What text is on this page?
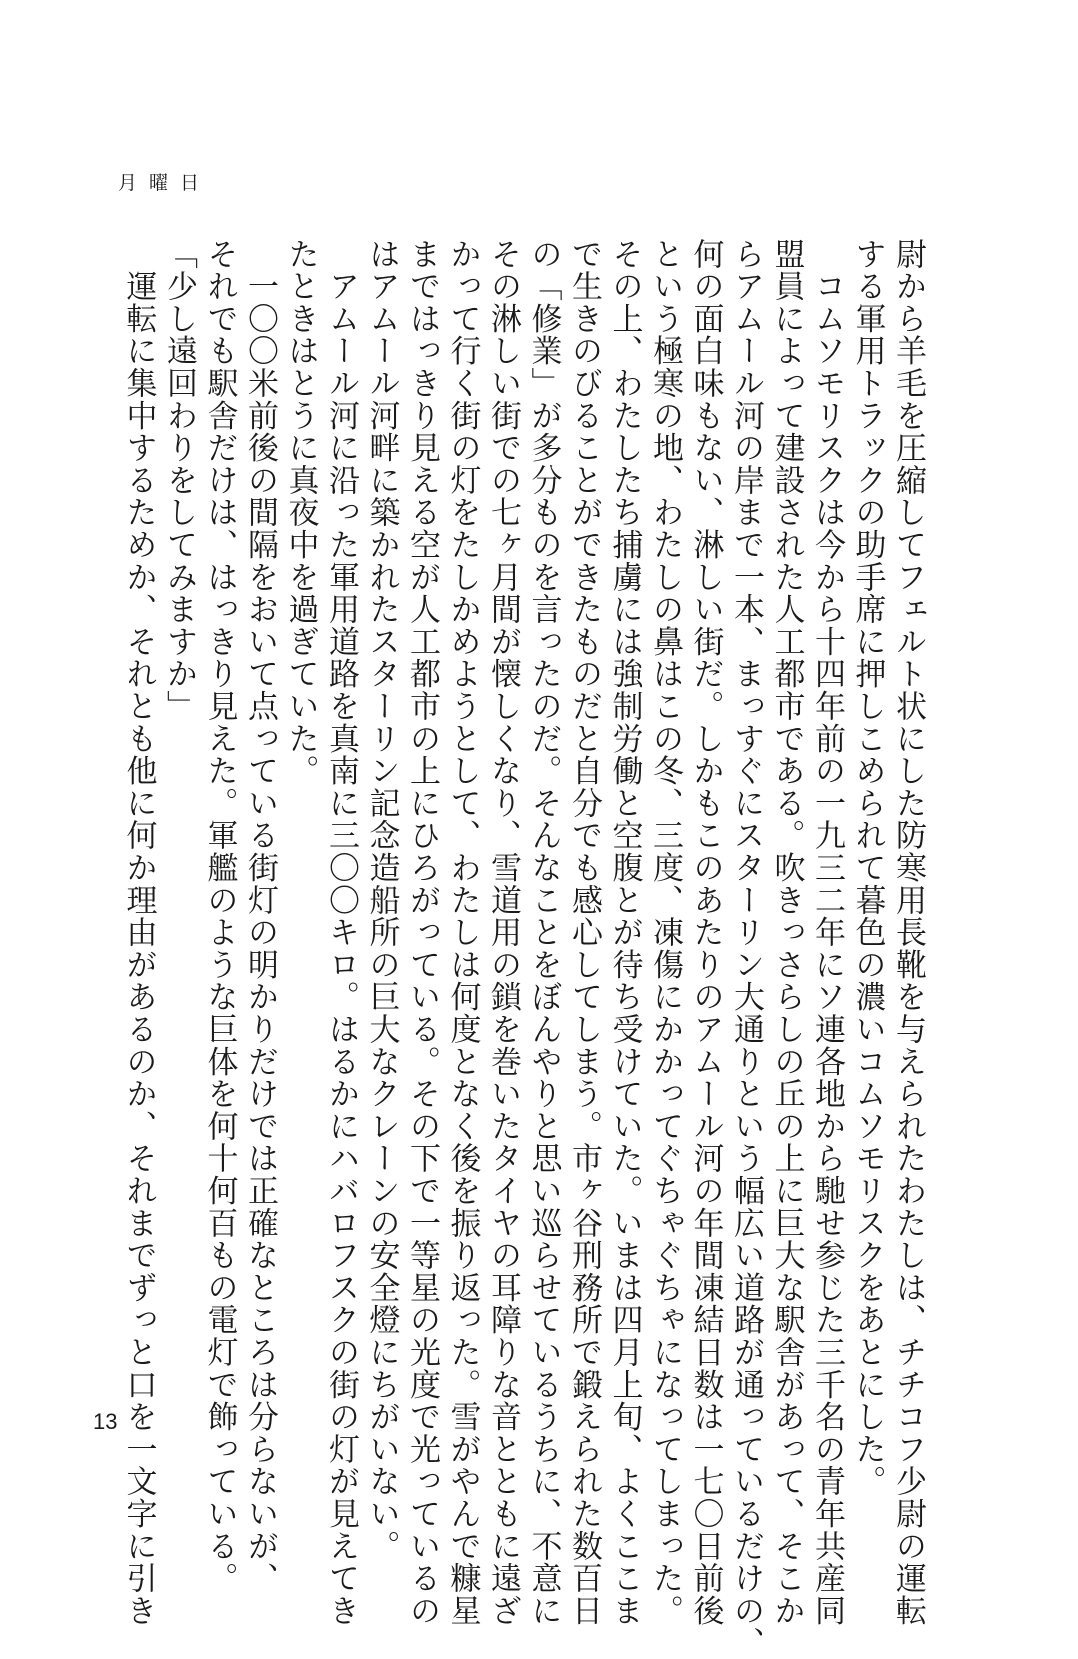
月曜日
尉から羊毛を圧縮してフェルト状にした防寒用長靴を与えられたわたしは、チチコフ少尉の運転
する軍用トラックの助手席に押しこめられて暮色の濃いコムソモリスクをあとにした。
　コムソモリスクは今から十四年前の一九三二年にソ連各地から馳せ参じた三千名の青年共産同
盟員によって建設された人工都市である。吹きっさらしの丘の上に巨大な駅舎があって、そこか
らアムール河の岸まで一本、まっすぐにスターリン大通りという幅広い道路が通っているだけの、
何の面白味もない、淋しい街だ。しかもこのあたりのアムール河の年間凍結日数は一七〇日前後
という極寒の地、わたしの鼻はこの冬、三度、凍傷にかかってぐちゃぐちゃになってしまった。
その上、わたしたち捕虜には強制労働と空腹とが待ち受けていた。いまは四月上旬、よくここま
で生きのびることができたものだと自分でも感心してしまう。市ヶ谷刑務所で鍛えられた数百日
の「修業」が多分ものを言ったのだ。そんなことをぼんやりと思い巡らせているうちに、不意に
その淋しい街での七ヶ月間が懐しくなり、雪道用の鎖を巻いたタイヤの耳障りな音とともに遠ざ
かって行く街の灯をたしかめようとして、わたしは何度となく後を振り返った。雪がやんで糠星
まではっきり見える空が人工都市の上にひろがっている。その下で一等星の光度で光っているの
はアムール河畔に築かれたスターリン記念造船所の巨大なクレーンの安全燈にちがいない。
　アムール河に沿った軍用道路を真南に三〇〇キロ。はるかにハバロフスクの街の灯が見えてき
たときはとうに真夜中を過ぎていた。
　一〇〇米前後の間隔をおいて点っている街灯の明かりだけでは正確なところは分らないが、
それでも駅舎だけは、はっきり見えた。軍艦のような巨体を何十何百もの電灯で飾っている。
「少し遠回わりをしてみますか」
　運転に集中するためか、それとも他に何か理由があるのか、それまでずっと口を一文字に引き
13
